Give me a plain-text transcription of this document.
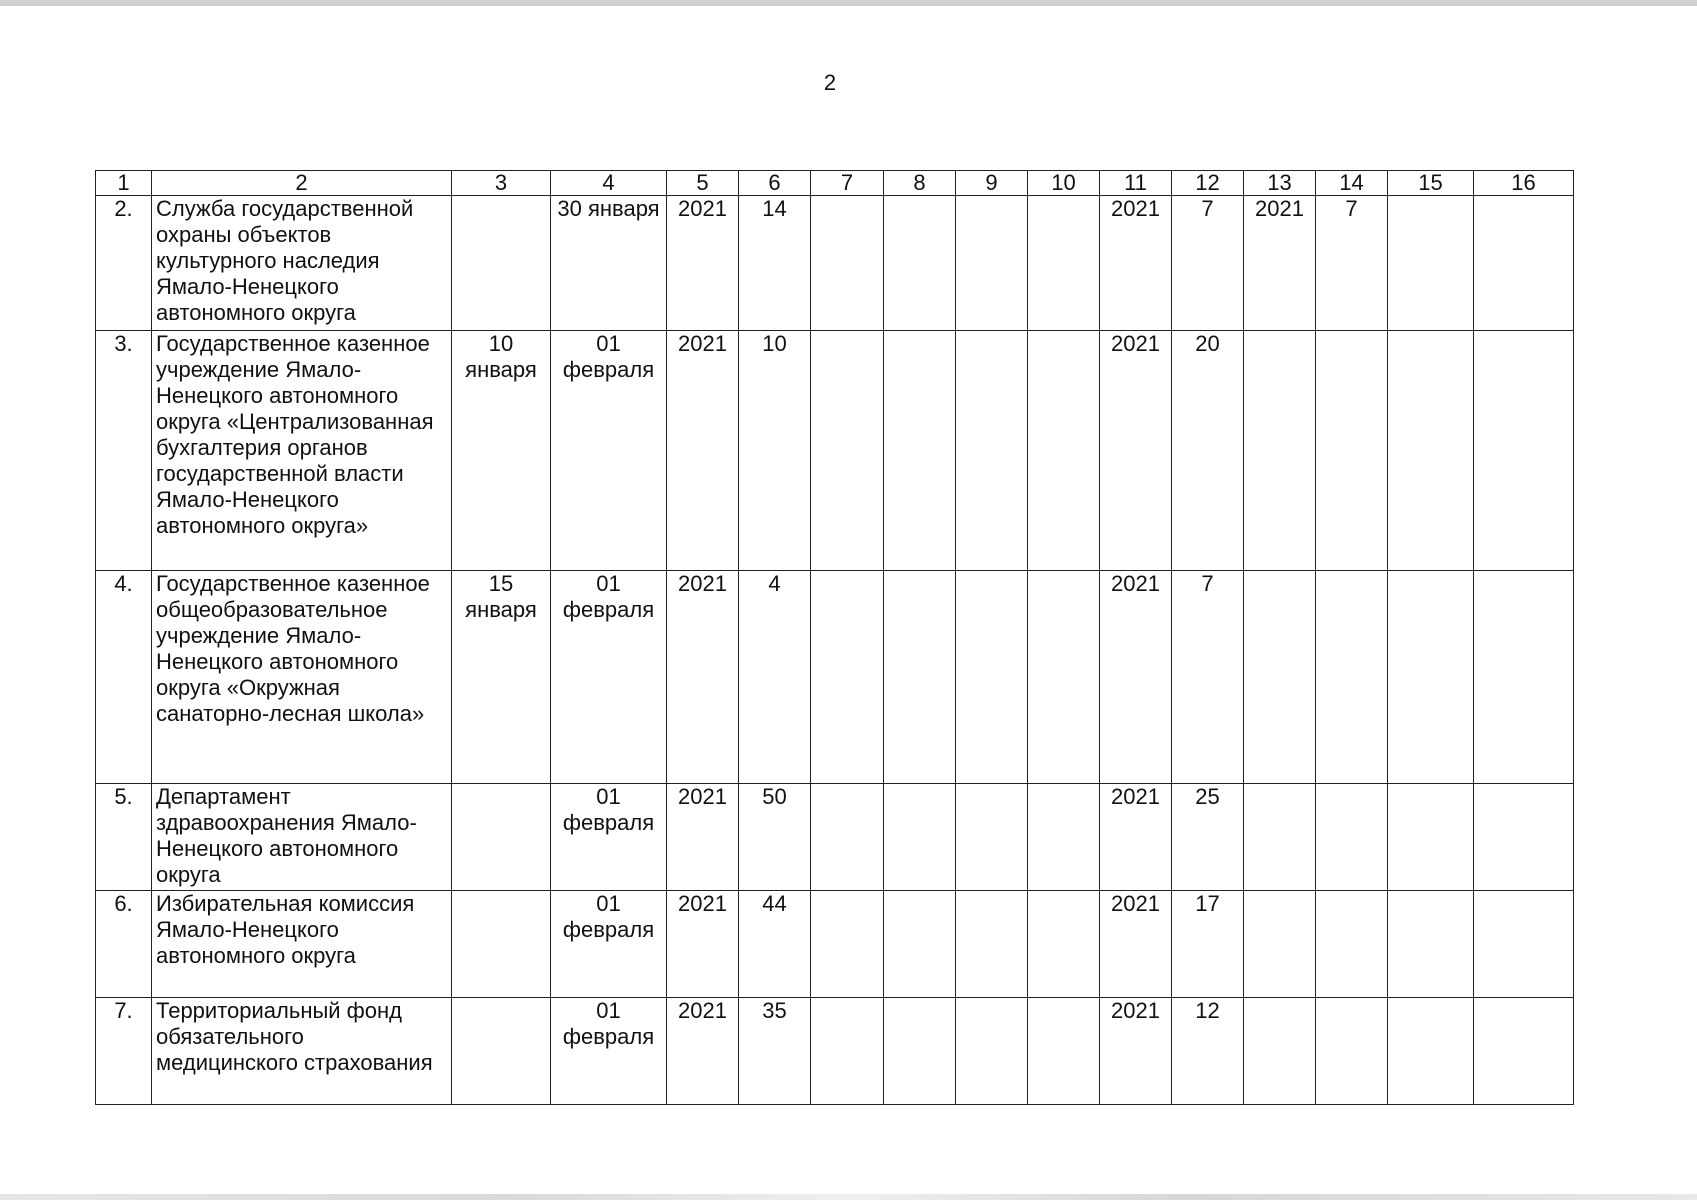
2
1	2	3	4	5	6	7	8	9	10	11	12	13	14	15	16
2.	Служба государственной охраны объектов культурного наследия Ямало-Ненецкого автономного округа		30 января	2021	14					2021	7	2021	7		
3.	Государственное казенное учреждение Ямало-Ненецкого автономного округа «Централизованная бухгалтерия органов государственной власти Ямало-Ненецкого автономного округа»	10 января	01 февраля	2021	10					2021	20				
4.	Государственное казенное общеобразовательное учреждение Ямало-Ненецкого автономного округа «Окружная санаторно-лесная школа»	15 января	01 февраля	2021	4					2021	7				
5.	Департамент здравоохранения Ямало-Ненецкого автономного округа		01 февраля	2021	50					2021	25				
6.	Избирательная комиссия Ямало-Ненецкого автономного округа		01 февраля	2021	44					2021	17				
7.	Территориальный фонд обязательного медицинского страхования		01 февраля	2021	35					2021	12				
